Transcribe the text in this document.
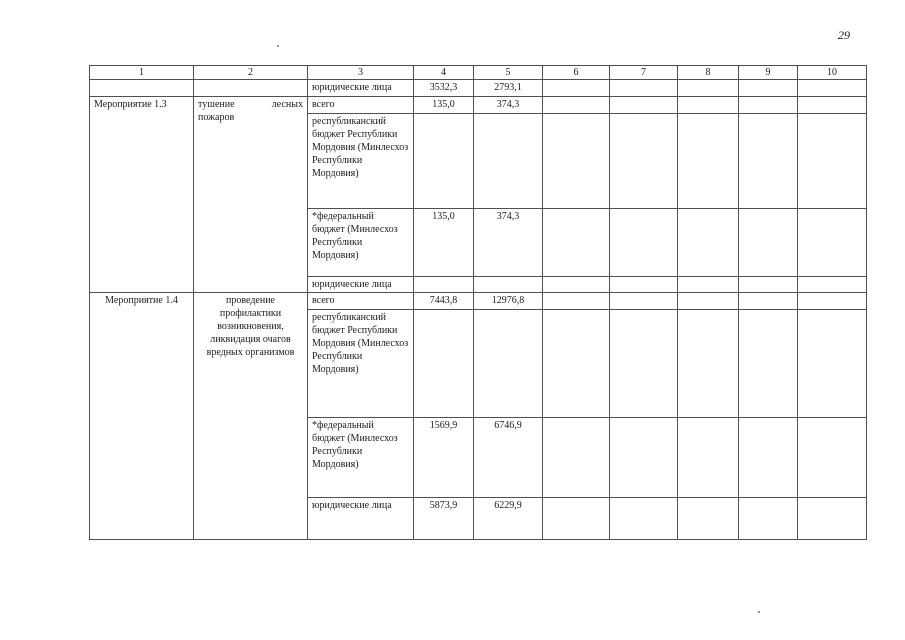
29
1	2	3	4	5	6	7	8	9	10
		юридические лица	3532,3	2793,1					
Мероприятие 1.3	тушение лесных пожаров	всего	135,0	374,3					
		республиканский бюджет Республики Мордовия (Минлесхоз Республики Мордовия)							
		*федеральный бюджет (Минлесхоз Республики Мордовия)	135,0	374,3					
		юридические лица							
Мероприятие 1.4	проведение профилактики возникновения, ликвидация очагов вредных организмов	всего	7443,8	12976,8					
		республиканский бюджет Республики Мордовия (Минлесхоз Республики Мордовия)							
		*федеральный бюджет (Минлесхоз Республики Мордовия)	1569,9	6746,9					
		юридические лица	5873,9	6229,9					
